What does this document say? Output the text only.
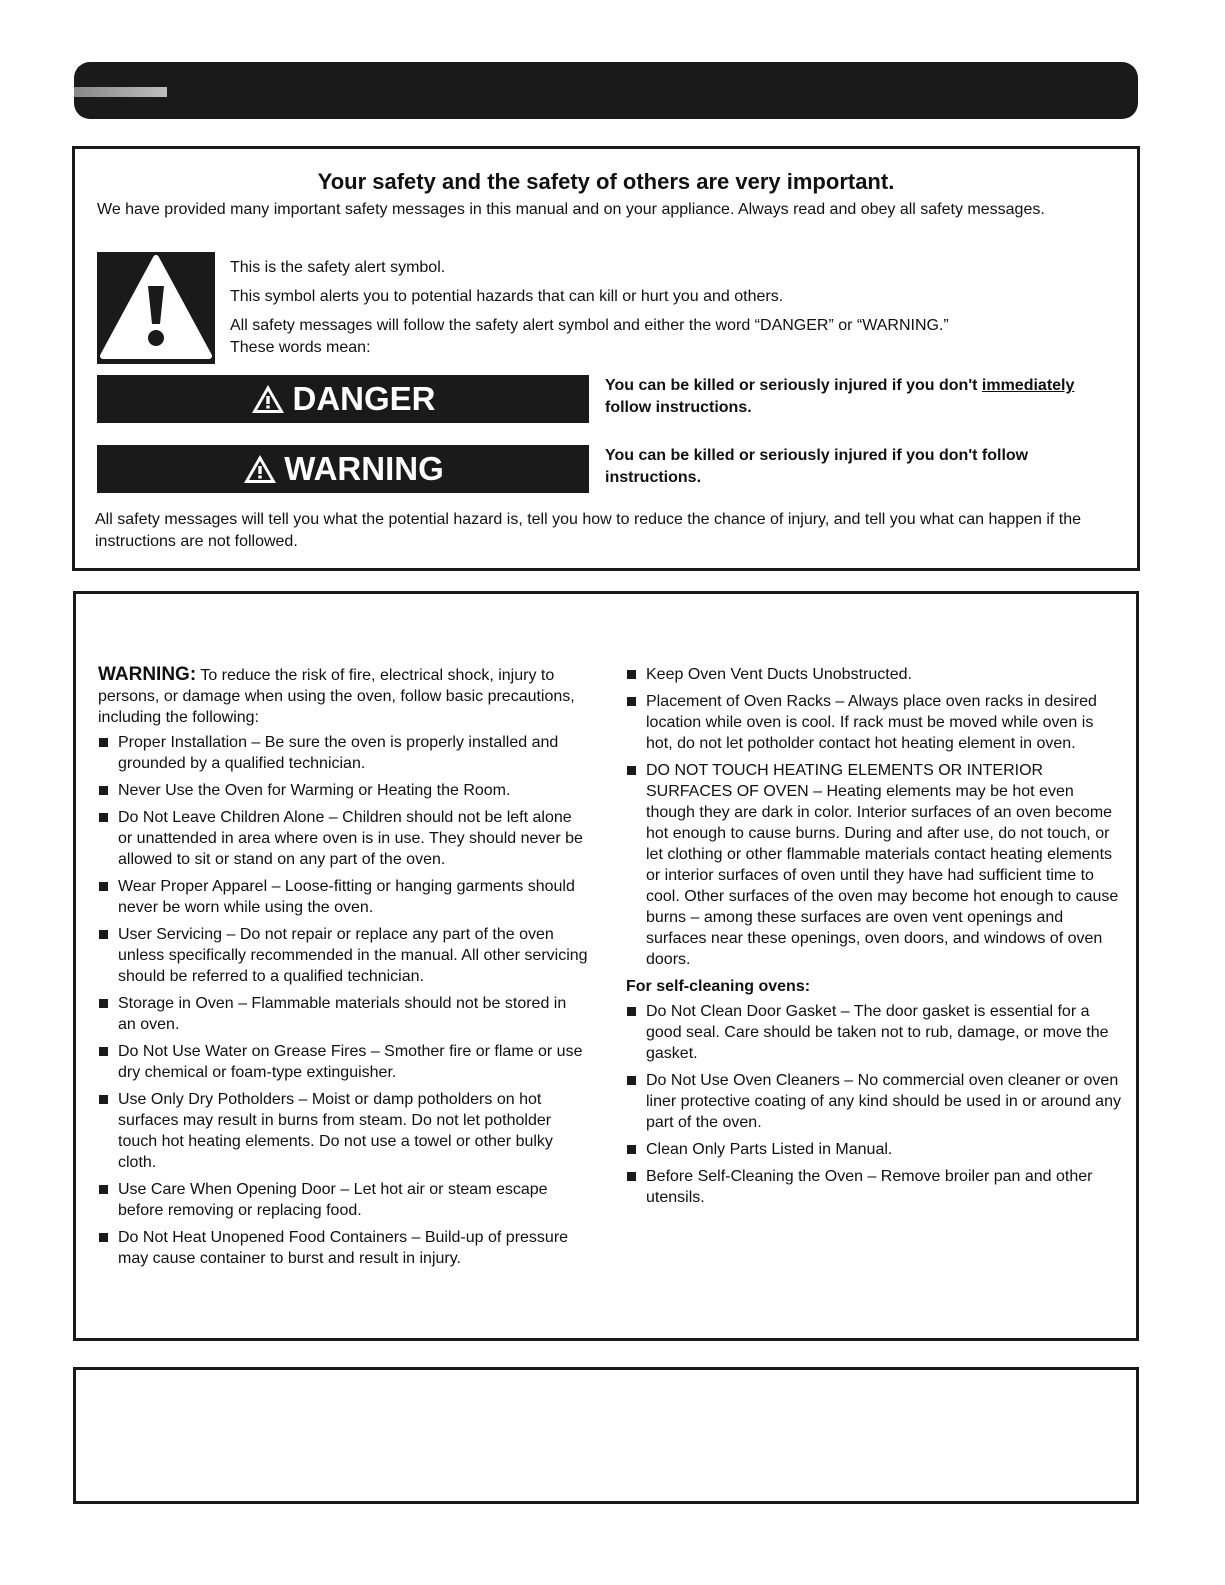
Your safety and the safety of others are very important.
We have provided many important safety messages in this manual and on your appliance. Always read and obey all safety messages.
This is the safety alert symbol.
This symbol alerts you to potential hazards that can kill or hurt you and others.
All safety messages will follow the safety alert symbol and either the word “DANGER” or “WARNING.”
These words mean:
DANGER	You can be killed or seriously injured if you don't immediately follow instructions.
WARNING	You can be killed or seriously injured if you don't follow instructions.
All safety messages will tell you what the potential hazard is, tell you how to reduce the chance of injury, and tell you what can happen if the instructions are not followed.
WARNING: To reduce the risk of fire, electrical shock, injury to persons, or damage when using the oven, follow basic precautions, including the following:
Proper Installation – Be sure the oven is properly installed and grounded by a qualified technician.
Never Use the Oven for Warming or Heating the Room.
Do Not Leave Children Alone – Children should not be left alone or unattended in area where oven is in use. They should never be allowed to sit or stand on any part of the oven.
Wear Proper Apparel – Loose-fitting or hanging garments should never be worn while using the oven.
User Servicing – Do not repair or replace any part of the oven unless specifically recommended in the manual. All other servicing should be referred to a qualified technician.
Storage in Oven – Flammable materials should not be stored in an oven.
Do Not Use Water on Grease Fires – Smother fire or flame or use dry chemical or foam-type extinguisher.
Use Only Dry Potholders – Moist or damp potholders on hot surfaces may result in burns from steam. Do not let potholder touch hot heating elements. Do not use a towel or other bulky cloth.
Use Care When Opening Door – Let hot air or steam escape before removing or replacing food.
Do Not Heat Unopened Food Containers – Build-up of pressure may cause container to burst and result in injury.
Keep Oven Vent Ducts Unobstructed.
Placement of Oven Racks – Always place oven racks in desired location while oven is cool. If rack must be moved while oven is hot, do not let potholder contact hot heating element in oven.
DO NOT TOUCH HEATING ELEMENTS OR INTERIOR SURFACES OF OVEN – Heating elements may be hot even though they are dark in color. Interior surfaces of an oven become hot enough to cause burns. During and after use, do not touch, or let clothing or other flammable materials contact heating elements or interior surfaces of oven until they have had sufficient time to cool. Other surfaces of the oven may become hot enough to cause burns – among these surfaces are oven vent openings and surfaces near these openings, oven doors, and windows of oven doors.
For self-cleaning ovens:
Do Not Clean Door Gasket – The door gasket is essential for a good seal. Care should be taken not to rub, damage, or move the gasket.
Do Not Use Oven Cleaners – No commercial oven cleaner or oven liner protective coating of any kind should be used in or around any part of the oven.
Clean Only Parts Listed in Manual.
Before Self-Cleaning the Oven – Remove broiler pan and other utensils.
